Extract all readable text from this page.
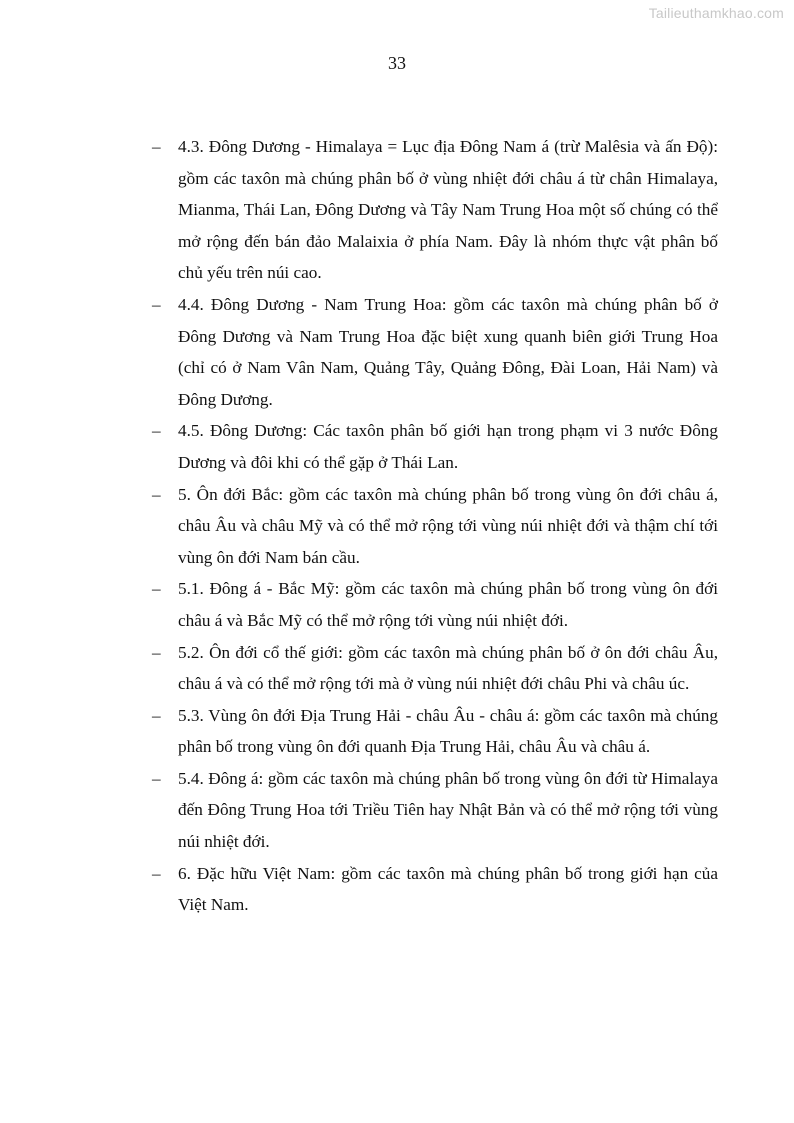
Tailieuthamkhao.com
33
– 4.3. Đông Dương - Himalaya = Lục địa Đông Nam á (trừ Malêsia và ấn Độ): gồm các taxôn mà chúng phân bố ở vùng nhiệt đới châu á từ chân Himalaya, Mianma, Thái Lan, Đông Dương và Tây Nam Trung Hoa một số chúng có thể mở rộng đến bán đảo Malaixia ở phía Nam. Đây là nhóm thực vật phân bố chủ yếu trên núi cao.
– 4.4. Đông Dương - Nam Trung Hoa: gồm các taxôn mà chúng phân bố ở Đông Dương và Nam Trung Hoa đặc biệt xung quanh biên giới Trung Hoa (chỉ có ở Nam Vân Nam, Quảng Tây, Quảng Đông, Đài Loan, Hải Nam) và Đông Dương.
– 4.5. Đông Dương: Các taxôn phân bố giới hạn trong phạm vi 3 nước Đông Dương và đôi khi có thể gặp ở Thái Lan.
– 5. Ôn đới Bắc: gồm các taxôn mà chúng phân bố trong vùng ôn đới châu á, châu Âu và châu Mỹ và có thể mở rộng tới vùng núi nhiệt đới và thậm chí tới vùng ôn đới Nam bán cầu.
– 5.1. Đông á - Bắc Mỹ: gồm các taxôn mà chúng phân bố trong vùng ôn đới châu á và Bắc Mỹ có thể mở rộng tới vùng núi nhiệt đới.
– 5.2. Ôn đới cổ thế giới: gồm các taxôn mà chúng phân bố ở ôn đới châu Âu, châu á và có thể mở rộng tới mà ở vùng núi nhiệt đới châu Phi và châu úc.
– 5.3. Vùng ôn đới Địa Trung Hải - châu Âu - châu á: gồm các taxôn mà chúng phân bố trong vùng ôn đới quanh Địa Trung Hải, châu Âu và châu á.
– 5.4. Đông á: gồm các taxôn mà chúng phân bố trong vùng ôn đới từ Himalaya đến Đông Trung Hoa tới Triều Tiên hay Nhật Bản và có thể mở rộng tới vùng núi nhiệt đới.
– 6. Đặc hữu Việt Nam: gồm các taxôn mà chúng phân bố trong giới hạn của Việt Nam.
